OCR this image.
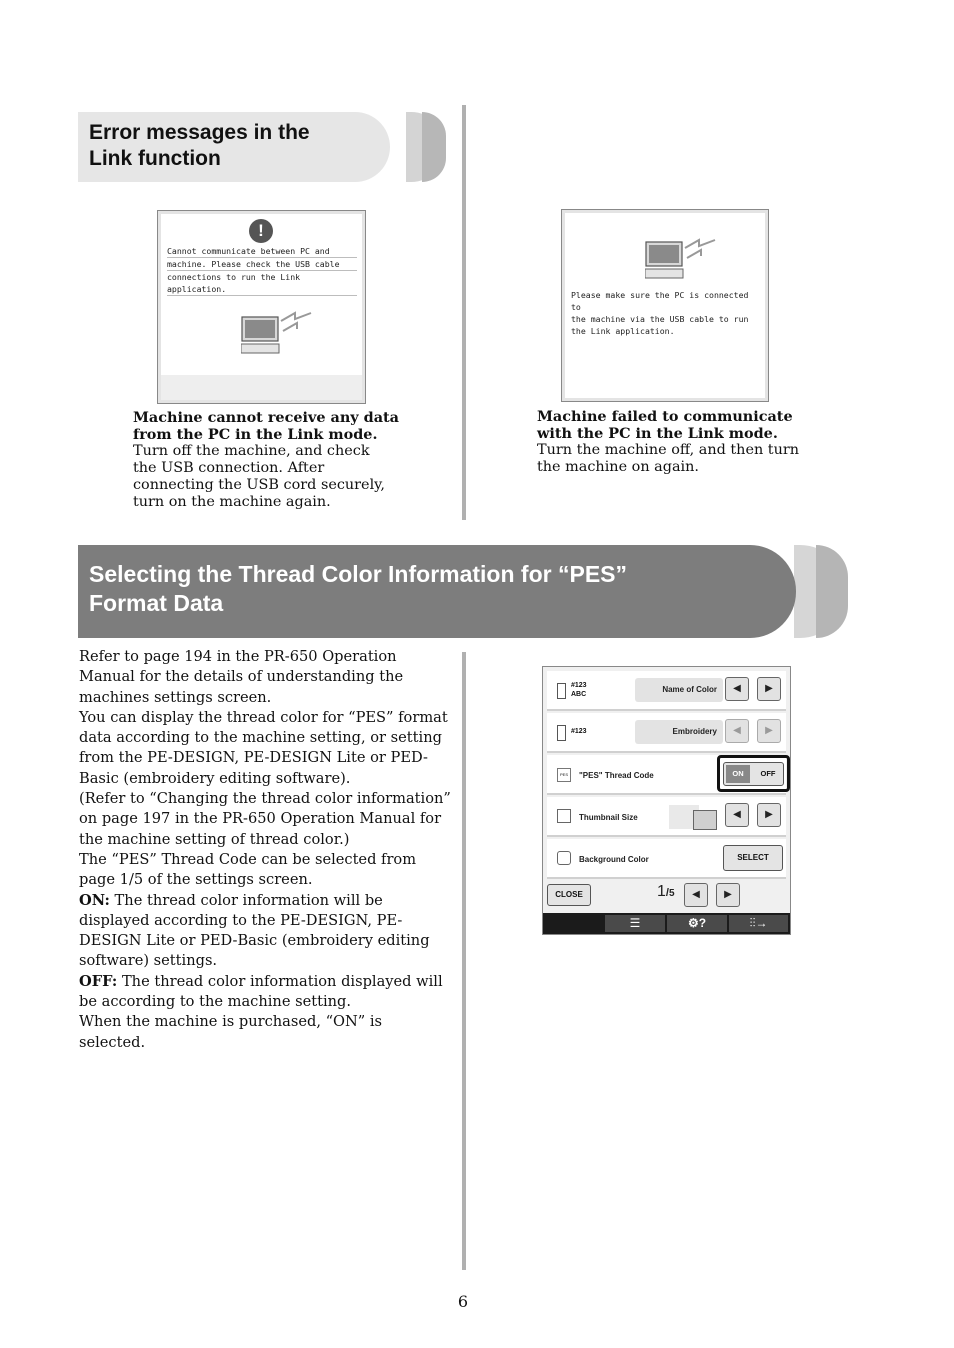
Error messages in the
Link function
!
Cannot communicate between PC and
machine. Please check the USB cable
connections to run the Link application.
Machine cannot receive any data
from the PC in the Link mode.
Turn off the machine, and check
the USB connection. After
connecting the USB cord securely,
turn on the machine again.
Please make sure the PC is connected to
the machine via the USB cable to run
the Link application.
Machine failed to communicate
with the PC in the Link mode.
Turn the machine off, and then turn
the machine on again.
Selecting the Thread Color Information for “PES”
Format Data

Refer to page 194 in the PR-650 Operation Manual for the details of understanding the machines settings screen.

You can display the thread color for “PES” format data according to the machine setting, or setting from the PE-DESIGN, PE-DESIGN Lite or PED-Basic (embroidery editing software).

(Refer to “Changing the thread color information” on page 197 in the PR-650 Operation Manual for the machine setting of thread color.)

The “PES” Thread Code can be selected from page 1/5 of the settings screen.

ON: The thread color information will be displayed according to the PE-DESIGN, PE-DESIGN Lite or PED-Basic (embroidery editing software) settings.

OFF: The thread color information displayed will be according to the machine setting.

When the machine is purchased, “ON” is selected.

#123
ABC
Name of Color	◀	▶
#123	Embroidery	◀	▶
PES	"PES" Thread Code	ON	OFF
Thumbnail Size	◀	▶
Background Color	SELECT
CLOSE	1/5	◀	▶
☰	⚙?	⫶⫶→
6
